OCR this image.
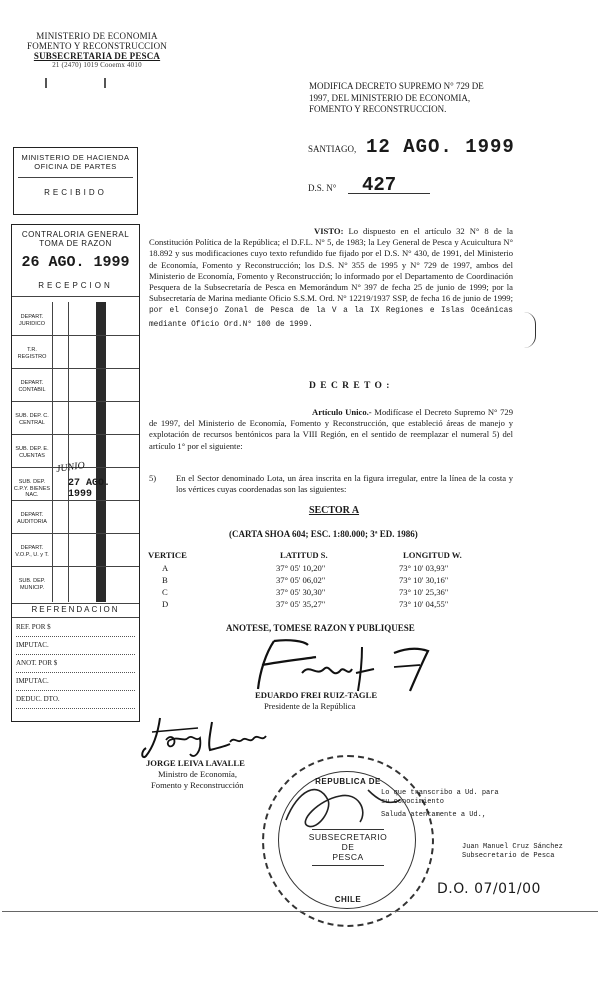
MINISTERIO DE ECONOMIA
FOMENTO Y RECONSTRUCCION
SUBSECRETARIA DE PESCA
21 (2470) 1019 Cooemx 4010
MODIFICA DECRETO SUPREMO N° 729 DE
1997, DEL MINISTERIO DE ECONOMIA,
FOMENTO Y RECONSTRUCCION.
SANTIAGO, 12 AGO. 1999
D.S. N° 427
MINISTERIO DE HACIENDA
OFICINA DE PARTES
RECIBIDO
CONTRALORIA GENERAL
TOMA DE RAZON
26 AGO. 1999
RECEPCION
DEPART. JURIDICO
T.R. REGISTRO
DEPART. CONTABIL
SUB. DEP. C. CENTRAL
SUB. DEP. E. CUENTAS
SUB. DEP. C.P.Y. BIENES NAC.
DEPART. AUDITORIA
DEPART. V.O.P., U. y T.
SUB. DEP. MUNICIP.
JUNIO
27 AGO. 1999
REFRENDACION
REF. POR $
IMPUTAC.
ANOT. POR $
IMPUTAC.
DEDUC. DTO.
VISTO: Lo dispuesto en el artículo 32 N° 8 de la Constitución Política de la República; el D.F.L. N° 5, de 1983; la Ley General de Pesca y Acuicultura N° 18.892 y sus modificaciones cuyo texto refundido fue fijado por el D.S. N° 430, de 1991, del Ministerio de Economía, Fomento y Reconstrucción; los D.S. N° 355 de 1995 y N° 729 de 1997, ambos del Ministerio de Economía, Fomento y Reconstrucción; lo informado por el Departamento de Coordinación Pesquera de la Subsecretaría de Pesca en Memorándum N° 397 de fecha 25 de junio de 1999; por la Subsecretaría de Marina mediante Oficio S.S.M. Ord. N° 12219/1937 SSP, de fecha 16 de junio de 1999; por el Consejo Zonal de Pesca de la V a la IX Regiones e Islas Oceánicas mediante Oficio Ord.N° 100 de 1999.
D E C R E T O :
Artículo Unico.- Modifícase el Decreto Supremo N° 729 de 1997, del Ministerio de Economía, Fomento y Reconstrucción, que estableció áreas de manejo y explotación de recursos bentónicos para la VIII Región, en el sentido de reemplazar el numeral 5) del artículo 1° por el siguiente:
5)	En el Sector denominado Lota, un área inscrita en la figura irregular, entre la línea de la costa y los vértices cuyas coordenadas son las siguientes:
SECTOR A
(CARTA SHOA 604; ESC. 1:80.000; 3ª ED. 1986)
VERTICE	LATITUD S.	LONGITUD W.
A	37° 05' 10,20"	73° 10' 03,93"
B	37° 05' 06,02"	73° 10' 30,16"
C	37° 05' 30,30"	73° 10' 25,36"
D	37° 05' 35,27"	73° 10' 04,55"
ANOTESE, TOMESE RAZON Y PUBLIQUESE
EDUARDO FREI RUIZ-TAGLE
Presidente de la República
JORGE LEIVA LAVALLE
Ministro de Economía,
Fomento y Reconstrucción	REPUBLICA DE
SUBSECRETARIO
DE
PESCA
CHILE
Lo que transcribo a Ud. para
su conocimiento
Saluda atentamente a Ud.,
Juan Manuel Cruz Sánchez
Subsecretario de Pesca
D.O. 07/01/00
